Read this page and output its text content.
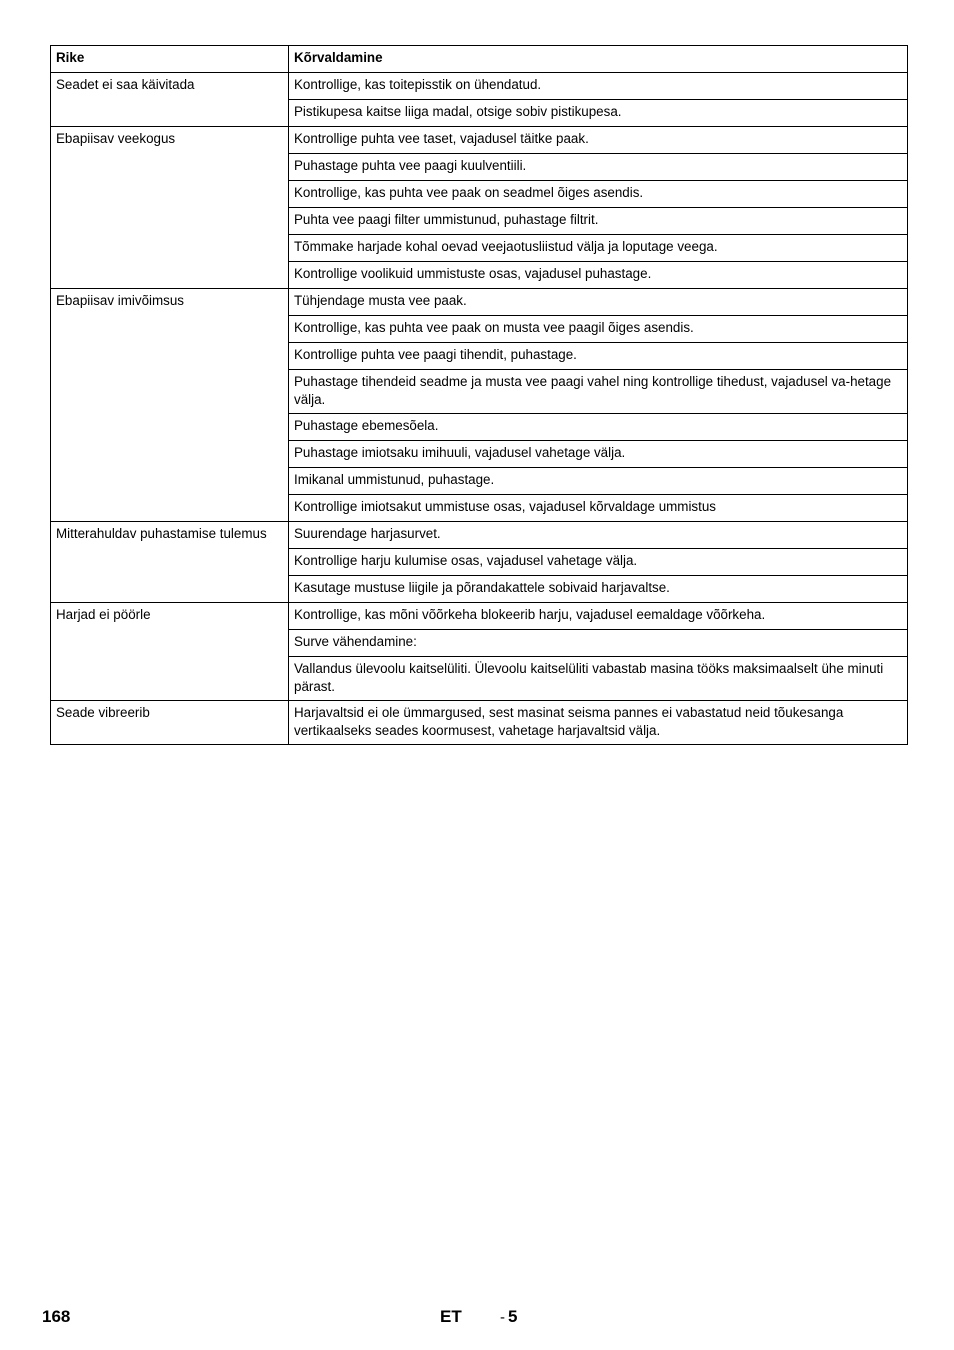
Rike	Kõrvaldamine
Seadet ei saa käivitada	Kontrollige, kas toitepisstik on ühendatud.
	Pistikupesa kaitse liiga madal, otsige sobiv pistikupesa.
Ebapiisav veekogus	Kontrollige puhta vee taset, vajadusel täitke paak.
	Puhastage puhta vee paagi kuulventiili.
	Kontrollige, kas puhta vee paak on seadmel õiges asendis.
	Puhta vee paagi filter ummistunud, puhastage filtrit.
	Tõmmake harjade kohal oevad veejaotusliistud välja ja loputage veega.
	Kontrollige voolikuid ummistuste osas, vajadusel puhastage.
Ebapiisav imivõimsus	Tühjendage musta vee paak.
	Kontrollige, kas puhta vee paak on musta vee paagil õiges asendis.
	Kontrollige puhta vee paagi tihendit, puhastage.
	Puhastage tihendeid seadme ja musta vee paagi vahel ning kontrollige tihedust, vajadusel va-hetage välja.
	Puhastage ebemesõela.
	Puhastage imiotsaku imihuuli, vajadusel vahetage välja.
	Imikanal ummistunud, puhastage.
	Kontrollige imiotsakut ummistuse osas, vajadusel kõrvaldage ummistus
Mitterahuldav puhastamise tulemus	Suurendage harjasurvet.
	Kontrollige harju kulumise osas, vajadusel vahetage välja.
	Kasutage mustuse liigile ja põrandakattele sobivaid harjavaltse.
Harjad ei pöörle	Kontrollige, kas mõni võõrkeha blokeerib harju, vajadusel eemaldage võõrkeha.
	Surve vähendamine:
	Vallandus ülevoolu kaitselüliti. Ülevoolu kaitselüliti vabastab masina tööks maksimaalselt ühe minuti pärast.
Seade vibreerib	Harjavaltsid ei ole ümmargused, sest masinat seisma pannes ei vabastatud neid tõukesanga vertikaalseks seades koormusest, vahetage harjavaltsid välja.
168	ET	- 5
